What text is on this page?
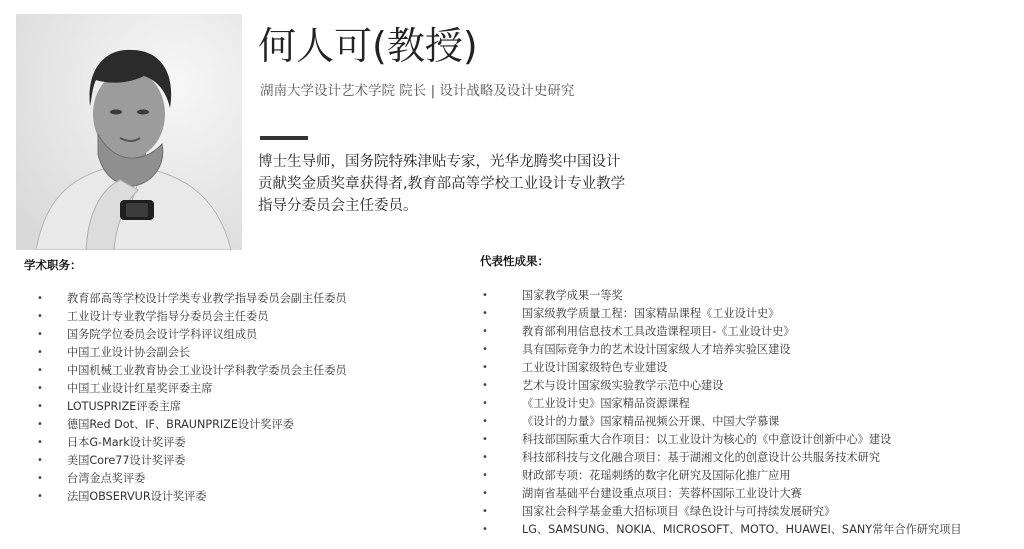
何人可(教授)
湖南大学设计艺术学院 院长 | 设计战略及设计史研究
博士生导师，国务院特殊津贴专家，光华龙腾奖中国设计贡献奖金质奖章获得者,教育部高等学校工业设计专业教学指导分委员会主任委员。
学术职务：
• 教育部高等学校设计学类专业教学指导委员会副主任委员
• 工业设计专业教学指导分委员会主任委员
• 国务院学位委员会设计学科评议组成员
• 中国工业设计协会副会长
• 中国机械工业教育协会工业设计学科教学委员会主任委员
• 中国工业设计红星奖评委主席
• LOTUSPRIZE评委主席
• 德国Red Dot、IF、BRAUNPRIZE设计奖评委
• 日本G-Mark设计奖评委
• 美国Core77设计奖评委
• 台湾金点奖评委
• 法国OBSERVUR设计奖评委
代表性成果：
•	国家教学成果一等奖
•	国家级教学质量工程：国家精品课程《工业设计史》
•	教育部利用信息技术工具改造课程项目-《工业设计史》
•	具有国际竞争力的艺术设计国家级人才培养实验区建设
•	工业设计国家级特色专业建设
•	艺术与设计国家级实验教学示范中心建设
•	《工业设计史》国家精品资源课程
•	《设计的力量》国家精品视频公开课、中国大学慕课
•	科技部国际重大合作项目：以工业设计为核心的《中意设计创新中心》建设
•	科技部科技与文化融合项目：基于湖湘文化的创意设计公共服务技术研究
•	财政部专项：花瑶刺绣的数字化研究及国际化推广应用
•	湖南省基础平台建设重点项目：芙蓉杯国际工业设计大赛
•	国家社会科学基金重大招标项目《绿色设计与可持续发展研究》
•	LG、SAMSUNG、NOKIA、MICROSOFT、MOTO、HUAWEI、SANY常年合作研究项目
